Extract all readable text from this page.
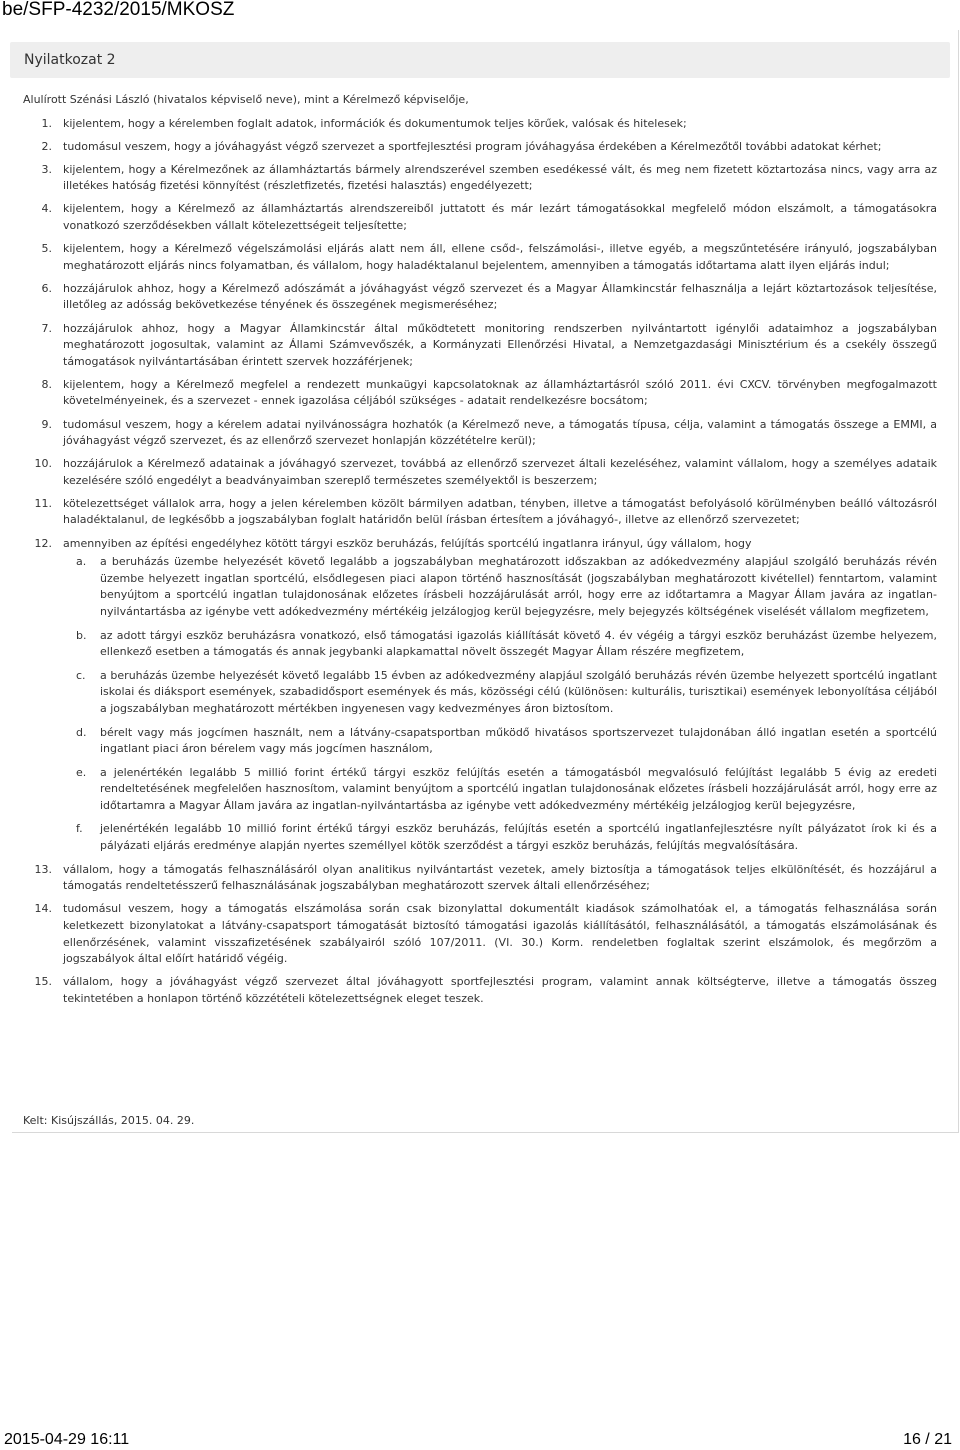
be/SFP-4232/2015/MKOSZ
Nyilatkozat 2

Alulírott Szénási László (hivatalos képviselő neve), mint a Kérelmező képviselője,

1. kijelentem, hogy a kérelemben foglalt adatok, információk és dokumentumok teljes körűek, valósak és hitelesek;
2. tudomásul veszem, hogy a jóváhagyást végző szervezet a sportfejlesztési program jóváhagyása érdekében a Kérelmezőtől további adatokat kérhet;
3. kijelentem, hogy a Kérelmezőnek az államháztartás bármely alrendszerével szemben esedékessé vált, és meg nem fizetett köztartozása nincs, vagy arra az illetékes hatóság fizetési könnyítést (részletfizetés, fizetési halasztás) engedélyezett;
4. kijelentem, hogy a Kérelmező az államháztartás alrendszereiből juttatott és már lezárt támogatásokkal megfelelő módon elszámolt, a támogatásokra vonatkozó szerződésekben vállalt kötelezettségeit teljesítette;
5. kijelentem, hogy a Kérelmező végelszámolási eljárás alatt nem áll, ellene csőd-, felszámolási-, illetve egyéb, a megszűntetésére irányuló, jogszabályban meghatározott eljárás nincs folyamatban, és vállalom, hogy haladéktalanul bejelentem, amennyiben a támogatás időtartama alatt ilyen eljárás indul;
6. hozzájárulok ahhoz, hogy a Kérelmező adószámát a jóváhagyást végző szervezet és a Magyar Államkincstár felhasználja a lejárt köztartozások teljesítése, illetőleg az adósság bekövetkezése tényének és összegének megismeréséhez;
7. hozzájárulok ahhoz, hogy a Magyar Államkincstár által működtetett monitoring rendszerben nyilvántartott igénylői adataimhoz a jogszabályban meghatározott jogosultak, valamint az Állami Számvevőszék, a Kormányzati Ellenőrzési Hivatal, a Nemzetgazdasági Minisztérium és a csekély összegű támogatások nyilvántartásában érintett szervek hozzáférjenek;
8. kijelentem, hogy a Kérelmező megfelel a rendezett munkaügyi kapcsolatoknak az államháztartásról szóló 2011. évi CXCV. törvényben megfogalmazott követelményeinek, és a szervezet - ennek igazolása céljából szükséges - adatait rendelkezésre bocsátom;
9. tudomásul veszem, hogy a kérelem adatai nyilvánosságra hozhatók (a Kérelmező neve, a támogatás típusa, célja, valamint a támogatás összege a EMMI, a jóváhagyást végző szervezet, és az ellenőrző szervezet honlapján közzétételre kerül);
10. hozzájárulok a Kérelmező adatainak a jóváhagyó szervezet, továbbá az ellenőrző szervezet általi kezeléséhez, valamint vállalom, hogy a személyes adataik kezelésére szóló engedélyt a beadványaimban szereplő természetes személyektől is beszerzem;
11. kötelezettséget vállalok arra, hogy a jelen kérelemben közölt bármilyen adatban, tényben, illetve a támogatást befolyásoló körülményben beálló változásról haladéktalanul, de legkésőbb a jogszabályban foglalt határidőn belül írásban értesítem a jóváhagyó-, illetve az ellenőrző szervezetet;
12. amennyiben az építési engedélyhez kötött tárgyi eszköz beruházás, felújítás sportcélú ingatlanra irányul, úgy vállalom, hogy
a. a beruházás üzembe helyezését követő legalább a jogszabályban meghatározott időszakban az adókedvezmény alapjául szolgáló beruházás révén üzembe helyezett ingatlan sportcélú, elsődlegesen piaci alapon történő hasznosítását (jogszabályban meghatározott kivétellel) fenntartom, valamint benyújtom a sportcélú ingatlan tulajdonosának előzetes írásbeli hozzájárulását arról, hogy erre az időtartamra a Magyar Állam javára az ingatlan-nyilvántartásba az igénybe vett adókedvezmény mértékéig jelzálogjog kerül bejegyzésre, mely bejegyzés költségének viselését vállalom megfizetem,
b. az adott tárgyi eszköz beruházásra vonatkozó, első támogatási igazolás kiállítását követő 4. év végéig a tárgyi eszköz beruházást üzembe helyezem, ellenkező esetben a támogatás és annak jegybanki alapkamattal növelt összegét Magyar Állam részére megfizetem,
c. a beruházás üzembe helyezését követő legalább 15 évben az adókedvezmény alapjául szolgáló beruházás révén üzembe helyezett sportcélú ingatlant iskolai és diáksport események, szabadidősport események és más, közösségi célú (különösen: kulturális, turisztikai) események lebonyolítása céljából a jogszabályban meghatározott mértékben ingyenesen vagy kedvezményes áron biztosítom.
d. bérelt vagy más jogcímen használt, nem a látvány-csapatsportban működő hivatásos sportszervezet tulajdonában álló ingatlan esetén a sportcélú ingatlant piaci áron bérelem vagy más jogcímen használom,
e. a jelenértékén legalább 5 millió forint értékű tárgyi eszköz felújítás esetén a támogatásból megvalósuló felújítást legalább 5 évig az eredeti rendeltetésének megfelelően hasznosítom, valamint benyújtom a sportcélú ingatlan tulajdonosának előzetes írásbeli hozzájárulását arról, hogy erre az időtartamra a Magyar Állam javára az ingatlan-nyilvántartásba az igénybe vett adókedvezmény mértékéig jelzálogjog kerül bejegyzésre,
f. jelenértékén legalább 10 millió forint értékű tárgyi eszköz beruházás, felújítás esetén a sportcélú ingatlanfejlesztésre nyílt pályázatot írok ki és a pályázati eljárás eredménye alapján nyertes személlyel kötök szerződést a tárgyi eszköz beruházás, felújítás megvalósítására.
13. vállalom, hogy a támogatás felhasználásáról olyan analitikus nyilvántartást vezetek, amely biztosítja a támogatások teljes elkülönítését, és hozzájárul a támogatás rendeltetésszerű felhasználásának jogszabályban meghatározott szervek általi ellenőrzéséhez;
14. tudomásul veszem, hogy a támogatás elszámolása során csak bizonylattal dokumentált kiadások számolhatóak el, a támogatás felhasználása során keletkezett bizonylatokat a látvány-csapatsport támogatását biztosító támogatási igazolás kiállításától, felhasználásától, a támogatás elszámolásának és ellenőrzésének, valamint visszafizetésének szabályairól szóló 107/2011. (VI. 30.) Korm. rendeletben foglaltak szerint elszámolok, és megőrzöm a jogszabályok által előírt határidő végéig.
15. vállalom, hogy a jóváhagyást végző szervezet által jóváhagyott sportfejlesztési program, valamint annak költségterve, illetve a támogatás összeg tekintetében a honlapon történő közzétételi kötelezettségnek eleget teszek.
Kelt: Kisújszállás, 2015. 04. 29.
2015-04-29 16:11	16 / 21
